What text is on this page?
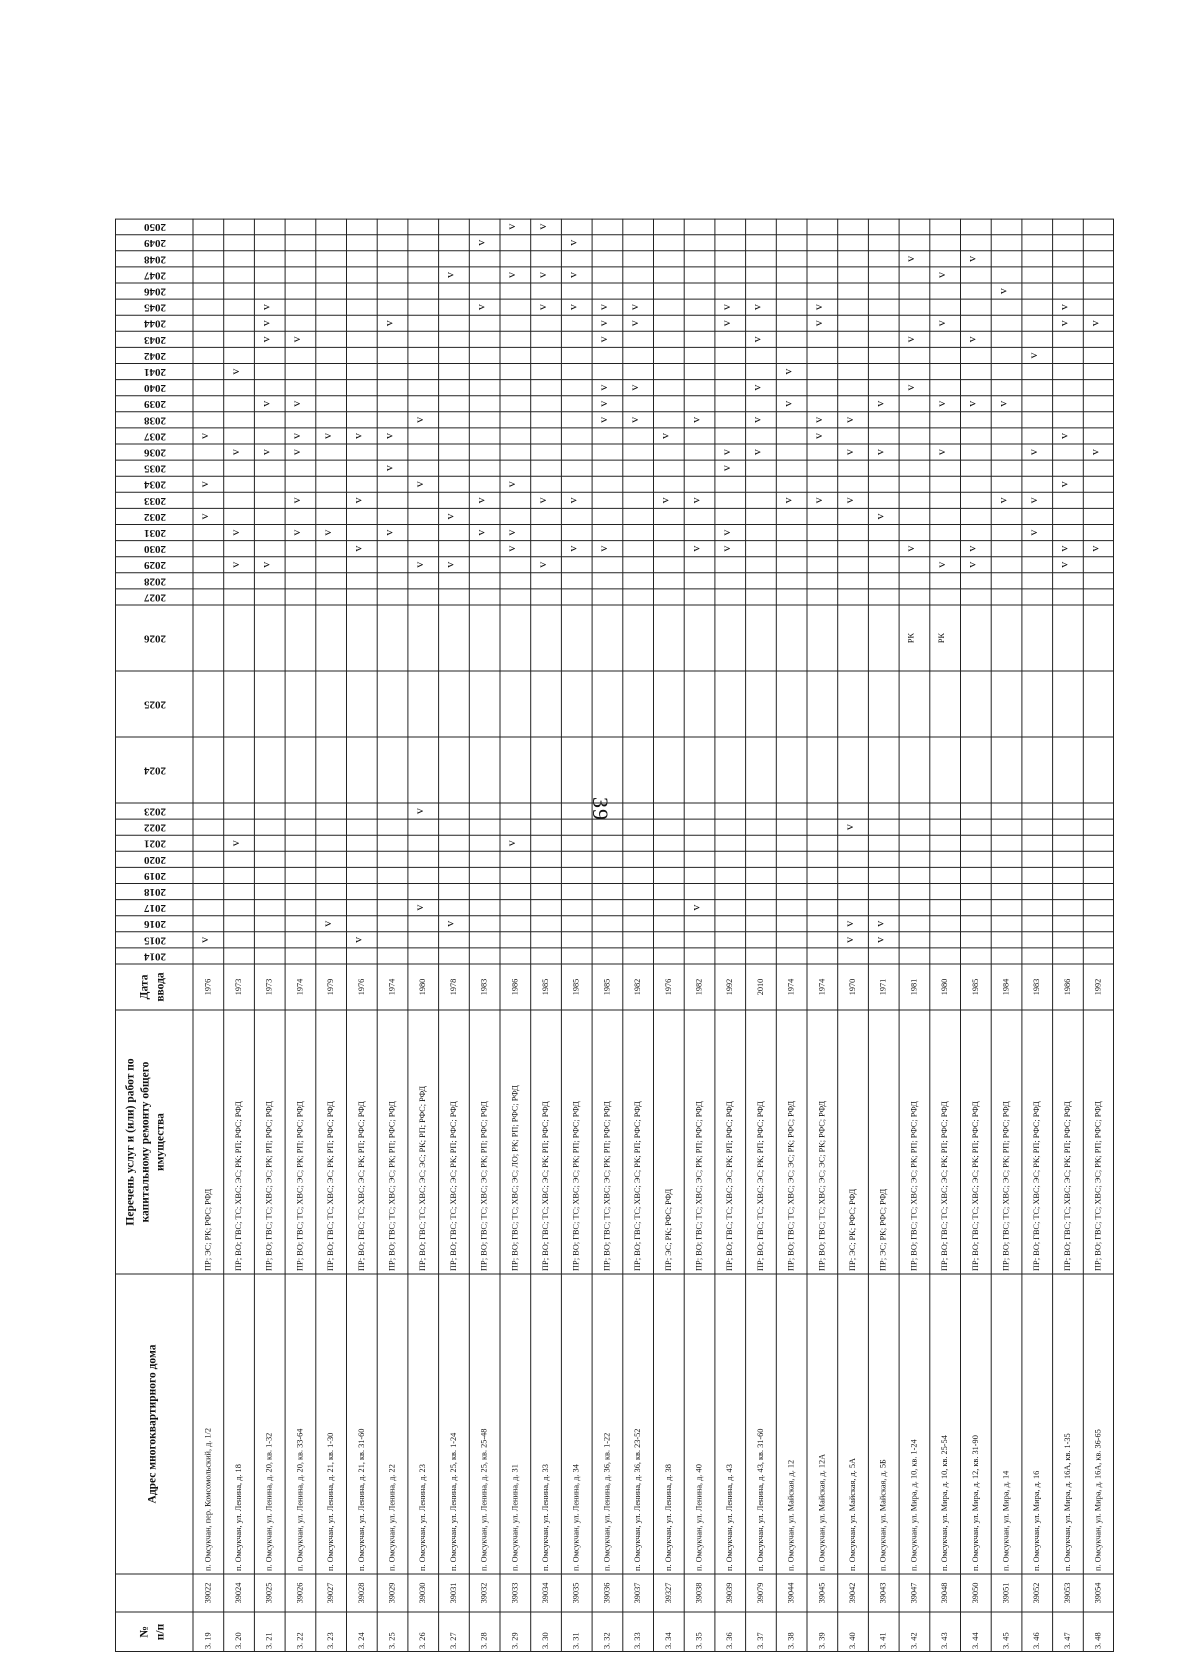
39
№ п/п
Адрес многоквартирного дома
Перечень услуг и (или) работ по капитальному ремонту общего имущества
Дата ввода
2014
2015
2016
2017
2018
2019
2020
2021
2022
2023
2024
2025
2026
2027
2028
2029
2030
2031
2032
2033
2034
2035
2036
2037
2038
2039
2040
2041
2042
2043
2044
2045
2046
2047
2048
2049
2050
3. 19
39022
п. Омсукчан, пер. Комсомольский, д. 1/2
ПР; ЭС; РК; РФС; РФД
1976
v
v
v
v
3. 20
39024
п. Омсукчан, ул. Ленина, д. 18
ПР; ВО; ГВС; ТС; ХВС; ЭС; РК; РП; РФС; РФД
1973
v
v
v
v
v
3. 21
39025
п. Омсукчан, ул. Ленина, д. 20, кв. 1-32
ПР; ВО; ГВС; ТС; ХВС; ЭС; РК; РП; РФС; РФД
1973
v
v
v
v
v
v
3. 22
39026
п. Омсукчан, ул. Ленина, д. 20, кв. 33-64
ПР; ВО; ГВС; ТС; ХВС; ЭС; РК; РП; РФС; РФД
1974
v
v
v
v
v
v
3. 23
39027
п. Омсукчан, ул. Ленина, д. 21, кв. 1-30
ПР; ВО; ГВС; ТС; ХВС; ЭС; РК; РП; РФС; РФД
1979
v
v
v
3. 24
39028
п. Омсукчан, ул. Ленина, д. 21, кв. 31-60
ПР; ВО; ГВС; ТС; ХВС; ЭС; РК; РП; РФС; РФД
1976
v
v
v
v
3. 25
39029
п. Омсукчан, ул. Ленина, д. 22
ПР; ВО; ГВС; ТС; ХВС; ЭС; РК; РП; РФС; РФД
1974
v
v
v
v
3. 26
39030
п. Омсукчан, ул. Ленина, д. 23
ПР; ВО; ГВС; ТС; ХВС; ЭС; ЭС; РК; РП; РФС; РФД
1980
v
v
v
v
v
3. 27
39031
п. Омсукчан, ул. Ленина, д. 25, кв. 1-24
ПР; ВО; ГВС; ТС; ХВС; ЭС; РК; РП; РФС; РФД
1978
v
v
v
v
3. 28
39032
п. Омсукчан, ул. Ленина, д. 25, кв. 25-48
ПР; ВО; ГВС; ТС; ХВС; ЭС; РК; РП; РФС; РФД
1983
v
v
v
v
3. 29
39033
п. Омсукчан, ул. Ленина, д. 31
ПР; ВО; ГВС; ТС; ХВС; ЭС; ЛО; РК; РП; РФС; РФД
1986
v
v
v
v
v
v
3. 30
39034
п. Омсукчан, ул. Ленина, д. 33
ПР; ВО; ГВС; ТС; ХВС; ЭС; РК; РП; РФС; РФД
1985
v
v
v
v
v
3. 31
39035
п. Омсукчан, ул. Ленина, д. 34
ПР; ВО; ГВС; ТС; ХВС; ЭС; РК; РП; РФС; РФД
1985
v
v
v
v
v
3. 32
39036
п. Омсукчан, ул. Ленина, д. 36, кв. 1-22
ПР; ВО; ГВС; ТС; ХВС; ЭС; РК; РП; РФС; РФД
1985
v
v
v
v
v
v
v
3. 33
39037
п. Омсукчан, ул. Ленина, д. 36, кв. 23-52
ПР; ВО; ГВС; ТС; ХВС; ЭС; РК; РП; РФС; РФД
1982
v
v
v
v
3. 34
39327
п. Омсукчан, ул. Ленина, д. 38
ПР; ЭС; РК; РФС; РФД
1976
v
v
3. 35
39038
п. Омсукчан, ул. Ленина, д. 40
ПР; ВО; ГВС; ТС; ХВС; ЭС; РК; РП; РФС; РФД
1982
v
v
v
v
3. 36
39039
п. Омсукчан, ул. Ленина, д. 43
ПР; ВО; ГВС; ТС; ХВС; ЭС; РК; РП; РФС; РФД
1992
v
v
v
v
v
v
3. 37
39079
п. Омсукчан, ул. Ленина, д. 43, кв. 31-60
ПР; ВО; ГВС; ТС; ХВС; ЭС; РК; РП; РФС; РФД
2010
v
v
v
v
v
3. 38
39044
п. Омсукчан, ул. Майская, д. 12
ПР; ВО; ГВС; ТС; ХВС; ЭС; ЭС; РК; РФС; РФД
1974
v
v
v
3. 39
39045
п. Омсукчан, ул. Майская, д. 12А
ПР; ВО; ГВС; ТС; ХВС; ЭС; ЭС; РК; РФС; РФД
1974
v
v
v
v
v
3. 40
39042
п. Омсукчан, ул. Майская, д. 5А
ПР; ЭС; РК; РФС; РФД
1970
v
v
v
v
v
v
3. 41
39043
п. Омсукчан, ул. Майская, д. 5Б
ПР; ЭС; РК; РФС; РФД
1971
v
v
v
v
v
3. 42
39047
п. Омсукчан, ул. Мира, д. 10, кв. 1-24
ПР; ВО; ГВС; ТС; ХВС; ЭС; РК; РП; РФС; РФД
1981
РК
v
v
v
v
3. 43
39048
п. Омсукчан, ул. Мира, д. 10, кв. 25-54
ПР; ВО; ГВС; ТС; ХВС; ЭС; РК; РП; РФС; РФД
1980
РК
v
v
v
v
v
3. 44
39050
п. Омсукчан, ул. Мира, д. 12, кв. 31-90
ПР; ВО; ГВС; ТС; ХВС; ЭС; РК; РП; РФС; РФД
1985
v
v
v
v
v
3. 45
39051
п. Омсукчан, ул. Мира, д. 14
ПР; ВО; ГВС; ТС; ХВС; ЭС; РК; РП; РФС; РФД
1984
v
v
v
3. 46
39052
п. Омсукчан, ул. Мира, д. 16
ПР; ВО; ГВС; ТС; ХВС; ЭС; РК; РП; РФС; РФД
1983
v
v
v
v
3. 47
39053
п. Омсукчан, ул. Мира, д. 16А, кв. 1-35
ПР; ВО; ГВС; ТС; ХВС; ЭС; РК; РП; РФС; РФД
1986
v
v
v
v
v
v
3. 48
39054
п. Омсукчан, ул. Мира, д. 16А, кв. 36-65
ПР; ВО; ГВС; ТС; ХВС; ЭС; РК; РП; РФС; РФД
1992
v
v
v
